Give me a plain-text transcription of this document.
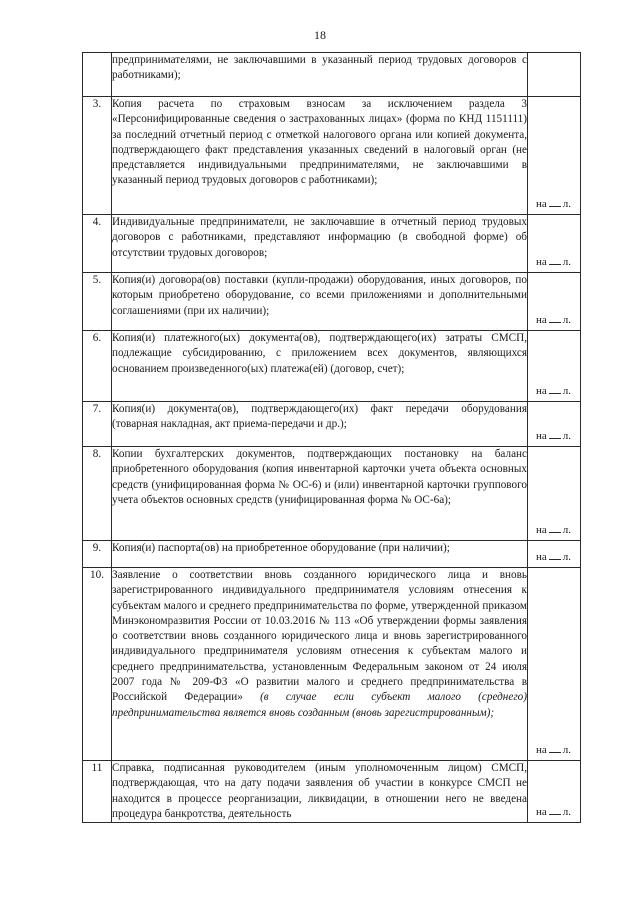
18
	предпринимателями, не заключавшими в указанный период трудовых договоров с работниками);	
3.	Копия расчета по страховым взносам за исключением раздела 3 «Персонифицированные сведения о застрахованных лицах» (форма по КНД 1151111) за последний отчетный период с отметкой налогового органа или копией документа, подтверждающего факт представления указанных сведений в налоговый орган (не представляется индивидуальными предпринимателями, не заключавшими в указанный период трудовых договоров с работниками);	на л.

4.	Индивидуальные предприниматели, не заключавшие в отчетный период трудовых договоров с работниками, представляют информацию (в свободной форме) об отсутствии трудовых договоров;	на л.

5.	Копия(и) договора(ов) поставки (купли-продажи) оборудования, иных договоров, по которым приобретено оборудование, со всеми приложениями и дополнительными соглашениями (при их наличии);	на л.

6.	Копия(и) платежного(ых) документа(ов), подтверждающего(их) затраты СМСП, подлежащие субсидированию, с приложением всех документов, являющихся основанием произведенного(ых) платежа(ей) (договор, счет);	на л.

7.	Копия(и) документа(ов), подтверждающего(их) факт передачи оборудования (товарная накладная, акт приема-передачи и др.);	на л.

8.	Копии бухгалтерских документов, подтверждающих постановку на баланс приобретенного оборудования (копия инвентарной карточки учета объекта основных средств (унифицированная форма № ОС-6) и (или) инвентарной карточки группового учета объектов основных средств (унифицированная форма № ОС-6а);	на л.

9.	Копия(и) паспорта(ов) на приобретенное оборудование (при наличии);	на л.

10.	Заявление о соответствии вновь созданного юридического лица и вновь зарегистрированного индивидуального предпринимателя условиям отнесения к субъектам малого и среднего предпринимательства по форме, утвержденной приказом Минэкономразвития России от 10.03.2016 № 113 «Об утверждении формы заявления о соответствии вновь созданного юридического лица и вновь зарегистрированного индивидуального предпринимателя условиям отнесения к субъектам малого и среднего предпринимательства, установленным Федеральным законом от 24 июля 2007 года № 209-ФЗ «О развитии малого и среднего предпринимательства в Российской Федерации» (в случае если субъект малого (среднего) предпринимательства является вновь созданным (вновь зарегистрированным);	на л.

11	Справка, подписанная руководителем (иным уполномоченным лицом) СМСП, подтверждающая, что на дату подачи заявления об участии в конкурсе СМСП не находится в процессе реорганизации, ликвидации, в отношении него не введена процедура банкротства, деятельность	на л.
